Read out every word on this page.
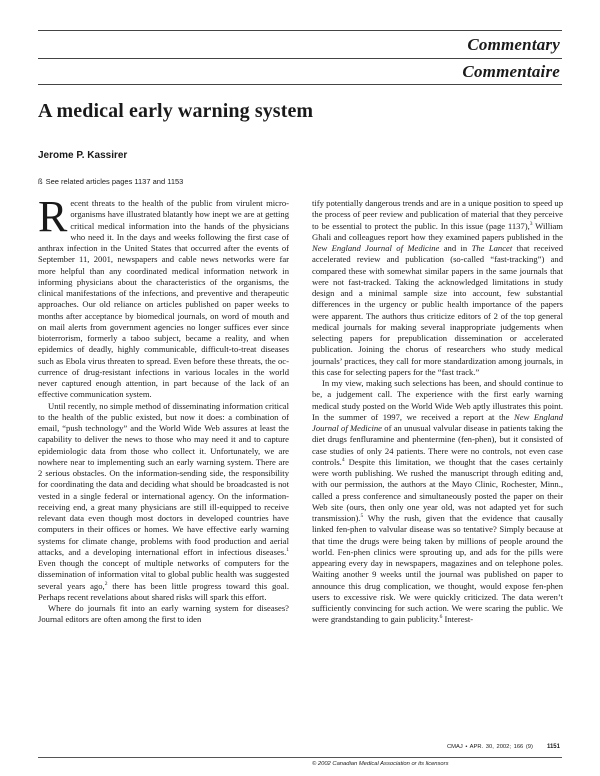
Commentary
Commentaire
A medical early warning system
Jerome P. Kassirer
ß See related articles pages 1137 and 1153

Recent threats to the health of the public from virulent micro-organisms have illustrated blatantly how inept we are at getting critical medical information into the hands of the physicians who need it. In the days and weeks following the first case of anthrax infection in the United States that occurred after the events of September 11, 2001, newspapers and cable news networks were far more helpful than any coordinated medical information network in informing physicians about the characteristics of the organisms, the clinical manifestations of the infections, and preventive and therapeutic approaches. Our old reliance on articles published on paper weeks to months after acceptance by biomedical journals, on word of mouth and on mail alerts from government agencies no longer suffices ever since bioterrorism, formerly a taboo subject, became a reality, and when epidemics of deadly, highly communicable, difficult-to-treat diseases such as Ebola virus threaten to spread. Even before these threats, the occurrence of drug-resistant infections in various locales in the world never captured enough attention, in part because of the lack of an effective communication system.

Until recently, no simple method of disseminating information critical to the health of the public existed, but now it does: a combination of email, “push technology” and the World Wide Web assures at least the capability to deliver the news to those who may need it and to capture epidemiologic data from those who collect it. Unfortunately, we are nowhere near to implementing such an early warning system. There are 2 serious obstacles. On the information-sending side, the responsibility for coordinating the data and deciding what should be broadcasted is not vested in a single federal or international agency. On the information-receiving end, a great many physicians are still ill-equipped to receive relevant data even though most doctors in developed countries have computers in their offices or homes. We have effective early warning systems for climate change, problems with food production and aerial attacks, and a developing international effort in infectious diseases.$^1$ Even though the concept of multiple networks of computers for the dissemination of information vital to global public health was suggested several years ago,$^2$ there has been little progress toward this goal. Perhaps recent revelations about shared risks will spark this effort.

Where do journals fit into an early warning system for diseases? Journal editors are often among the first to iden

tify potentially dangerous trends and are in a unique position to speed up the process of peer review and publication of material that they perceive to be essential to protect the public. In this issue (page 1137),$^3$ William Ghali and colleagues report how they examined papers published in the New England Journal of Medicine and in The Lancet that received accelerated review and publication (so-called “fast-tracking”) and compared these with somewhat similar papers in the same journals that were not fast-tracked. Taking the acknowledged limitations in study design and a minimal sample size into account, few substantial differences in the urgency or public health importance of the papers were apparent. The authors thus criticize editors of 2 of the top general medical journals for making several inappropriate judgements when selecting papers for prepublication dissemination or accelerated publication. Joining the chorus of researchers who study medical journals’ practices, they call for more standardization among journals, in this case for selecting papers for the “fast track.”

In my view, making such selections has been, and should continue to be, a judgement call. The experience with the first early warning medical study posted on the World Wide Web aptly illustrates this point. In the summer of 1997, we received a report at the New England Journal of Medicine of an unusual valvular disease in patients taking the diet drugs fenfluramine and phentermine (fen-phen), but it consisted of case studies of only 24 patients. There were no controls, not even case controls.$^4$ Despite this limitation, we thought that the cases certainly were worth publishing. We rushed the manuscript through editing and, with our permission, the authors at the Mayo Clinic, Rochester, Minn., called a press conference and simultaneously posted the paper on their Web site (ours, then only one year old, was not adapted yet for such transmission).$^5$ Why the rush, given that the evidence that causally linked fen-phen to valvular disease was so tentative? Simply because at that time the drugs were being taken by millions of people around the world. Fen-phen clinics were sprouting up, and ads for the pills were appearing every day in newspapers, magazines and on telephone poles. Waiting another 9 weeks until the journal was published on paper to announce this drug complication, we thought, would expose fen-phen users to excessive risk. We were quickly criticized. The data weren’t sufficiently convincing for such action. We were scaring the public. We were grandstanding to gain publicity.$^6$ Interest-

CMAJ • APR. 30, 2002; 166 (9) 1151
© 2002 Canadian Medical Association or its licensors
